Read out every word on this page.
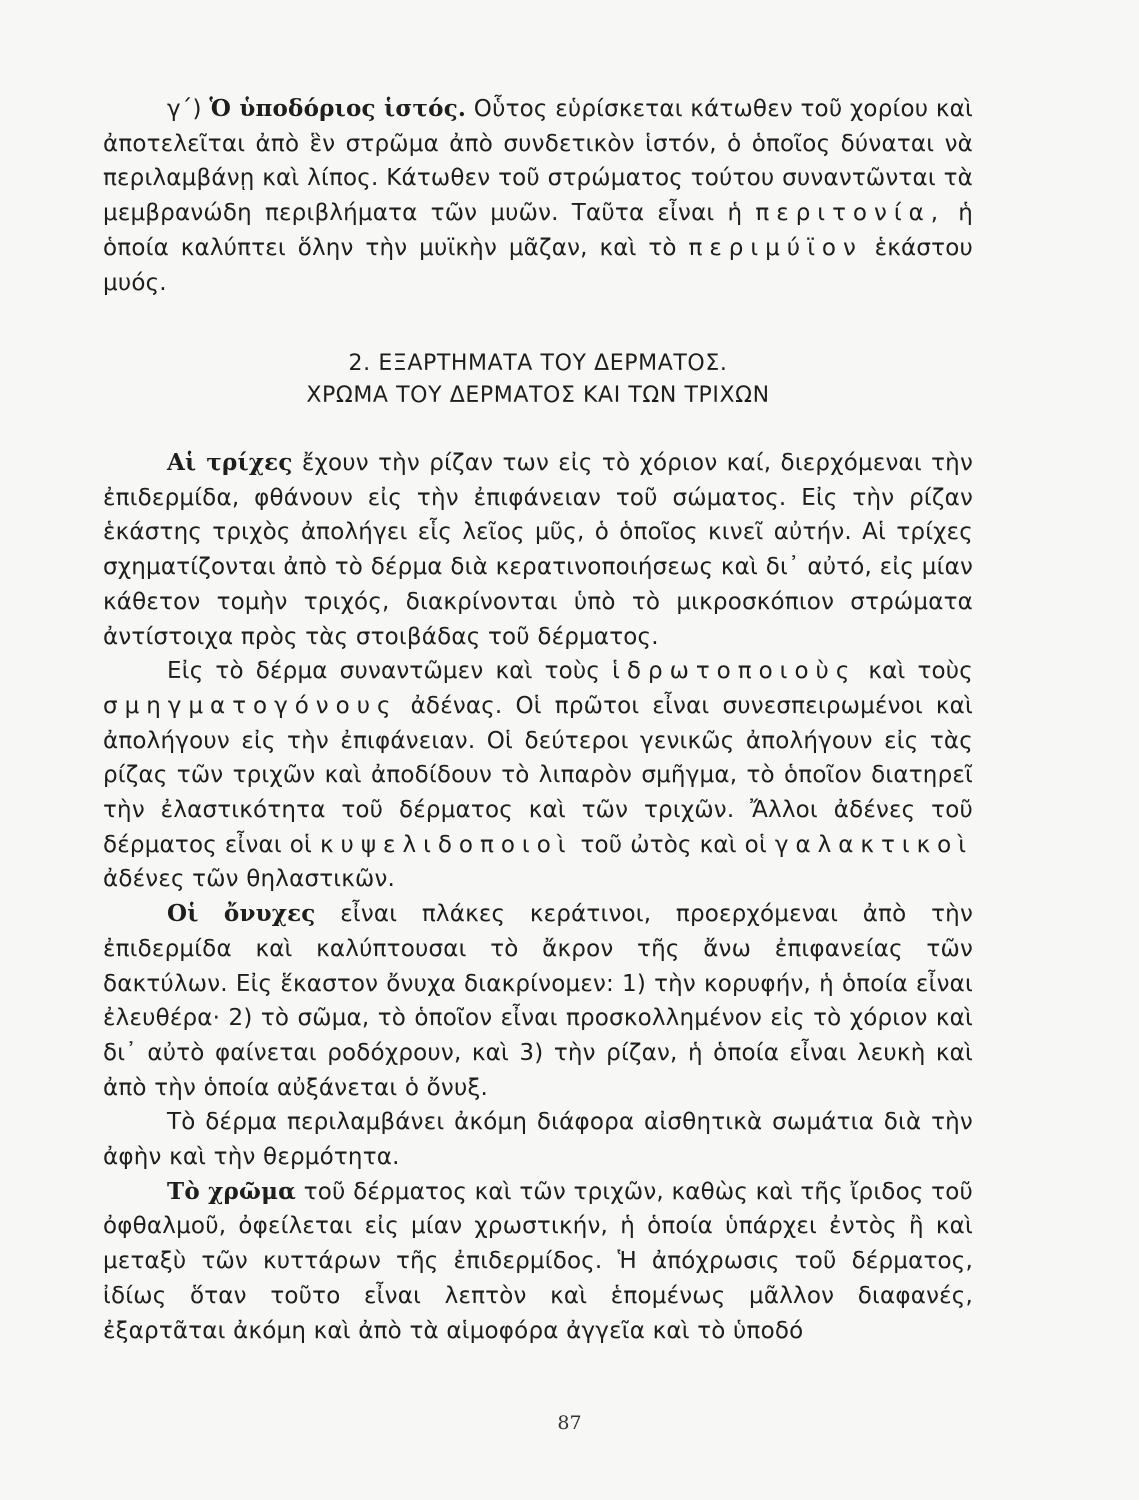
γ΄) Ὁ ὑποδόριος ἱστός. Οὗτος εὑρίσκεται κάτωθεν τοῦ χορίου καὶ ἀποτελεῖται ἀπὸ ἓν στρῶμα ἀπὸ συνδετικὸν ἱστόν, ὁ ὁποῖος δύναται νὰ περιλαμβάνῃ καὶ λίπος. Κάτωθεν τοῦ στρώματος τούτου συναντῶνται τὰ μεμβρανώδη περιβλήματα τῶν μυῶν. Ταῦτα εἶναι ἡ περιτονία, ἡ ὁποία καλύπτει ὅλην τὴν μυϊκὴν μᾶζαν, καὶ τὸ περιμύϊον ἑκάστου μυός.

2. ΕΞΑΡΤΗΜΑΤΑ ΤΟΥ ΔΕΡΜΑΤΟΣ.
ΧΡΩΜΑ ΤΟΥ ΔΕΡΜΑΤΟΣ ΚΑΙ ΤΩΝ ΤΡΙΧΩΝ

Αἱ τρίχες ἔχουν τὴν ρίζαν των εἰς τὸ χόριον καί, διερχόμεναι τὴν ἐπιδερμίδα, φθάνουν εἰς τὴν ἐπιφάνειαν τοῦ σώματος. Εἰς τὴν ρίζαν ἑκάστης τριχὸς ἀπολήγει εἷς λεῖος μῦς, ὁ ὁποῖος κινεῖ αὐτήν. Αἱ τρίχες σχηματίζονται ἀπὸ τὸ δέρμα διὰ κερατινοποιήσεως καὶ δι᾽ αὐτό, εἰς μίαν κάθετον τομὴν τριχός, διακρίνονται ὑπὸ τὸ μικροσκόπιον στρώματα ἀντίστοιχα πρὸς τὰς στοιβάδας τοῦ δέρματος.

Εἰς τὸ δέρμα συναντῶμεν καὶ τοὺς ἱδρωτοποιοὺς καὶ τοὺς σμηγματογόνους ἀδένας. Οἱ πρῶτοι εἶναι συνεσπειρωμένοι καὶ ἀπολήγουν εἰς τὴν ἐπιφάνειαν. Οἱ δεύτεροι γενικῶς ἀπολήγουν εἰς τὰς ρίζας τῶν τριχῶν καὶ ἀποδίδουν τὸ λιπαρὸν σμῆγμα, τὸ ὁποῖον διατηρεῖ τὴν ἐλαστικότητα τοῦ δέρματος καὶ τῶν τριχῶν. Ἄλλοι ἀδένες τοῦ δέρματος εἶναι οἱ κυψελιδοποιοὶ τοῦ ὠτὸς καὶ οἱ γαλακτικοὶ ἀδένες τῶν θηλαστικῶν.

Οἱ ὄνυχες εἶναι πλάκες κεράτινοι, προερχόμεναι ἀπὸ τὴν ἐπιδερμίδα καὶ καλύπτουσαι τὸ ἄκρον τῆς ἄνω ἐπιφανείας τῶν δακτύλων. Εἰς ἕκαστον ὄνυχα διακρίνομεν: 1) τὴν κορυφήν, ἡ ὁποία εἶναι ἐλευθέρα· 2) τὸ σῶμα, τὸ ὁποῖον εἶναι προσκολλημένον εἰς τὸ χόριον καὶ δι᾽ αὐτὸ φαίνεται ροδόχρουν, καὶ 3) τὴν ρίζαν, ἡ ὁποία εἶναι λευκὴ καὶ ἀπὸ τὴν ὁποία αὐξάνεται ὁ ὄνυξ.

Τὸ δέρμα περιλαμβάνει ἀκόμη διάφορα αἰσθητικὰ σωμάτια διὰ τὴν ἀφὴν καὶ τὴν θερμότητα.

Τὸ χρῶμα τοῦ δέρματος καὶ τῶν τριχῶν, καθὼς καὶ τῆς ἴριδος τοῦ ὀφθαλμοῦ, ὀφείλεται εἰς μίαν χρωστικήν, ἡ ὁποία ὑπάρχει ἐντὸς ἢ καὶ μεταξὺ τῶν κυττάρων τῆς ἐπιδερμίδος. Ἡ ἀπόχρωσις τοῦ δέρματος, ἰδίως ὅταν τοῦτο εἶναι λεπτὸν καὶ ἑπομένως μᾶλλον διαφανές, ἐξαρτᾶται ἀκόμη καὶ ἀπὸ τὰ αἱμοφόρα ἀγγεῖα καὶ τὸ ὑποδό

87
